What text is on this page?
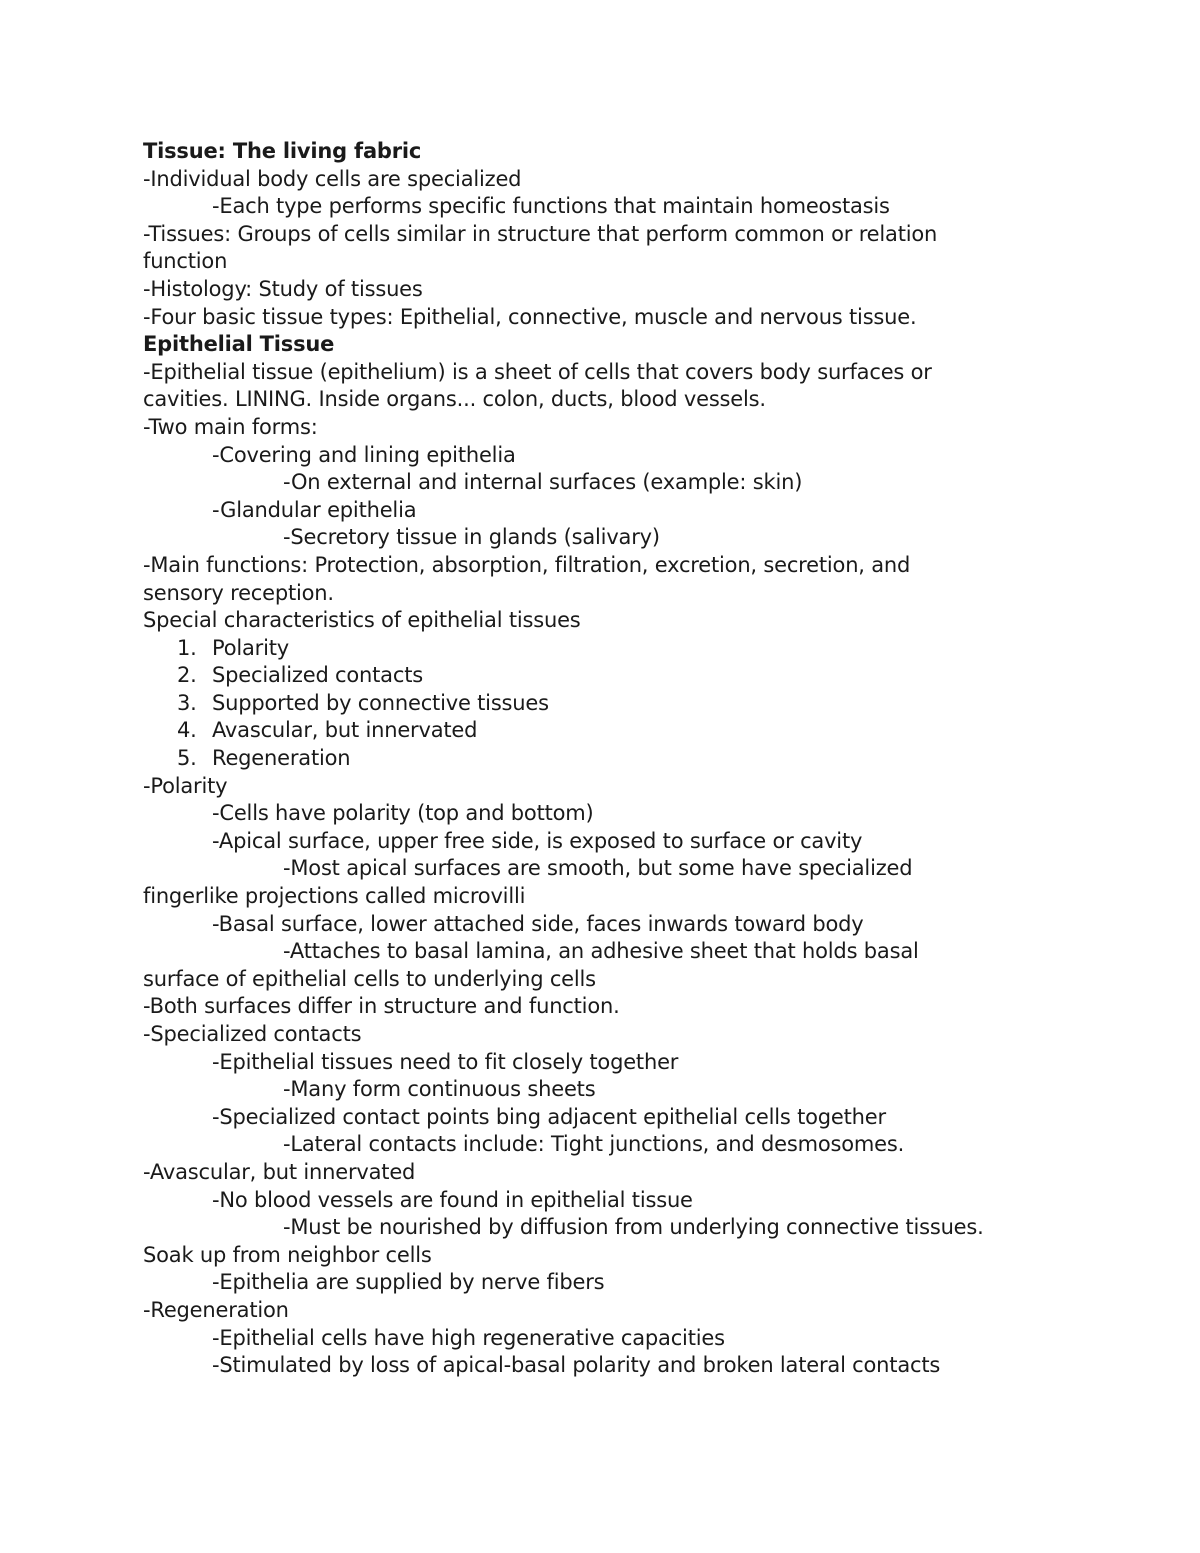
Tissue: The living fabric
-Individual body cells are specialized
-Each type performs specific functions that maintain homeostasis
-Tissues: Groups of cells similar in structure that perform common or relation
function
-Histology: Study of tissues
-Four basic tissue types: Epithelial, connective, muscle and nervous tissue.
Epithelial Tissue
-Epithelial tissue (epithelium) is a sheet of cells that covers body surfaces or
cavities. LINING. Inside organs... colon, ducts, blood vessels.
-Two main forms:
-Covering and lining epithelia
-On external and internal surfaces (example: skin)
-Glandular epithelia
-Secretory tissue in glands (salivary)
-Main functions: Protection, absorption, filtration, excretion, secretion, and
sensory reception.
Special characteristics of epithelial tissues
1. Polarity
2. Specialized contacts
3. Supported by connective tissues
4. Avascular, but innervated
5. Regeneration
-Polarity
-Cells have polarity (top and bottom)
-Apical surface, upper free side, is exposed to surface or cavity
-Most apical surfaces are smooth, but some have specialized
fingerlike projections called microvilli
-Basal surface, lower attached side, faces inwards toward body
-Attaches to basal lamina, an adhesive sheet that holds basal
surface of epithelial cells to underlying cells
-Both surfaces differ in structure and function.
-Specialized contacts
-Epithelial tissues need to fit closely together
-Many form continuous sheets
-Specialized contact points bing adjacent epithelial cells together
-Lateral contacts include: Tight junctions, and desmosomes.
-Avascular, but innervated
-No blood vessels are found in epithelial tissue
-Must be nourished by diffusion from underlying connective tissues.
Soak up from neighbor cells
-Epithelia are supplied by nerve fibers
-Regeneration
-Epithelial cells have high regenerative capacities
-Stimulated by loss of apical-basal polarity and broken lateral contacts
